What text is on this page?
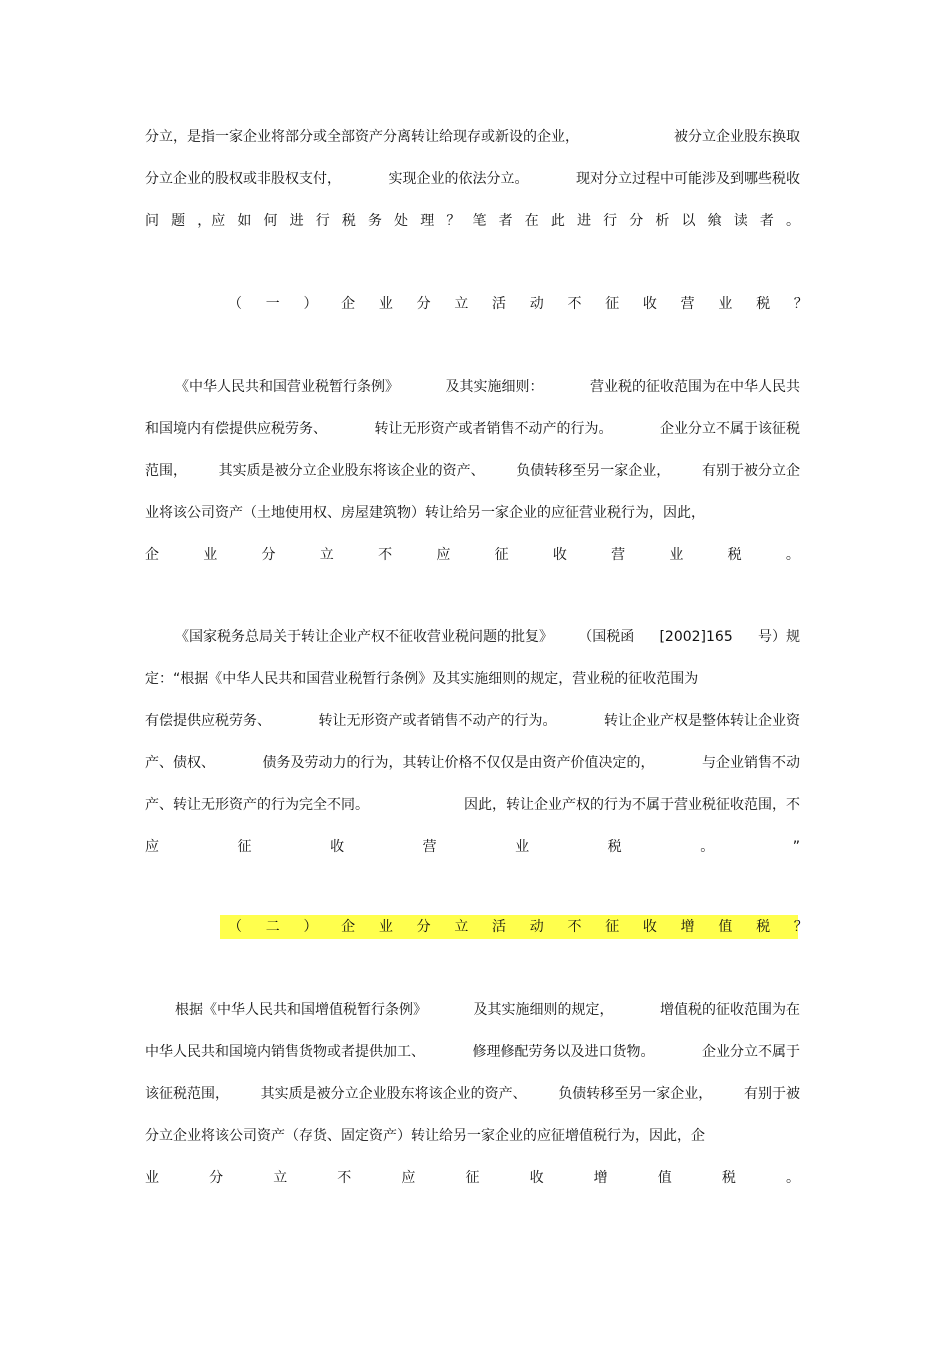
分立，是指一家企业将部分或全部资产分离转让给现存或新设的企业，	被分立企业股东换取
分立企业的股权或非股权支付，	实现企业的依法分立。	现对分立过程中可能涉及到哪些税收
问 题 ，应 如 何 进 行 税 务 处 理 ？ 笔 者 在 此 进 行 分 析 以 飨 读 者 。
（ 一 ） 企 业 分 立 活 动 不 征 收 营 业 税 ？
《中华人民共和国营业税暂行条例》	及其实施细则：	营业税的征收范围为在中华人民共
和国境内有偿提供应税劳务、	转让无形资产或者销售不动产的行为。	企业分立不属于该征税
范围， 其实质是被分立企业股东将该企业的资产、 负债转移至另一家企业， 有别于被分立企
业将该公司资产（土地使用权、房屋建筑物）转让给另一家企业的应征营业税行为，因此，
企	业	分	立	不	应	征	收	营	业	税	。
《国家税务总局关于转让企业产权不征收营业税问题的批复》 （国税函 [2002]165 号）规
定：“根据《中华人民共和国营业税暂行条例》及其实施细则的规定，营业税的征收范围为
有偿提供应税劳务、	转让无形资产或者销售不动产的行为。	转让企业产权是整体转让企业资
产、债权、	债务及劳动力的行为，其转让价格不仅仅是由资产价值决定的，	与企业销售不动
产、转让无形资产的行为完全不同。	因此，转让企业产权的行为不属于营业税征收范围，不
应	征	收	营	业	税	。	”
（ 二 ） 企 业 分 立 活 动 不 征 收 增 值 税 ？
根据《中华人民共和国增值税暂行条例》	及其实施细则的规定，	增值税的征收范围为在
中华人民共和国境内销售货物或者提供加工、	修理修配劳务以及进口货物。	企业分立不属于
该征税范围， 其实质是被分立企业股东将该企业的资产、 负债转移至另一家企业， 有别于被
分立企业将该公司资产（存货、固定资产）转让给另一家企业的应征增值税行为，因此，企
业	分	立	不	应	征	收	增	值	税	。
